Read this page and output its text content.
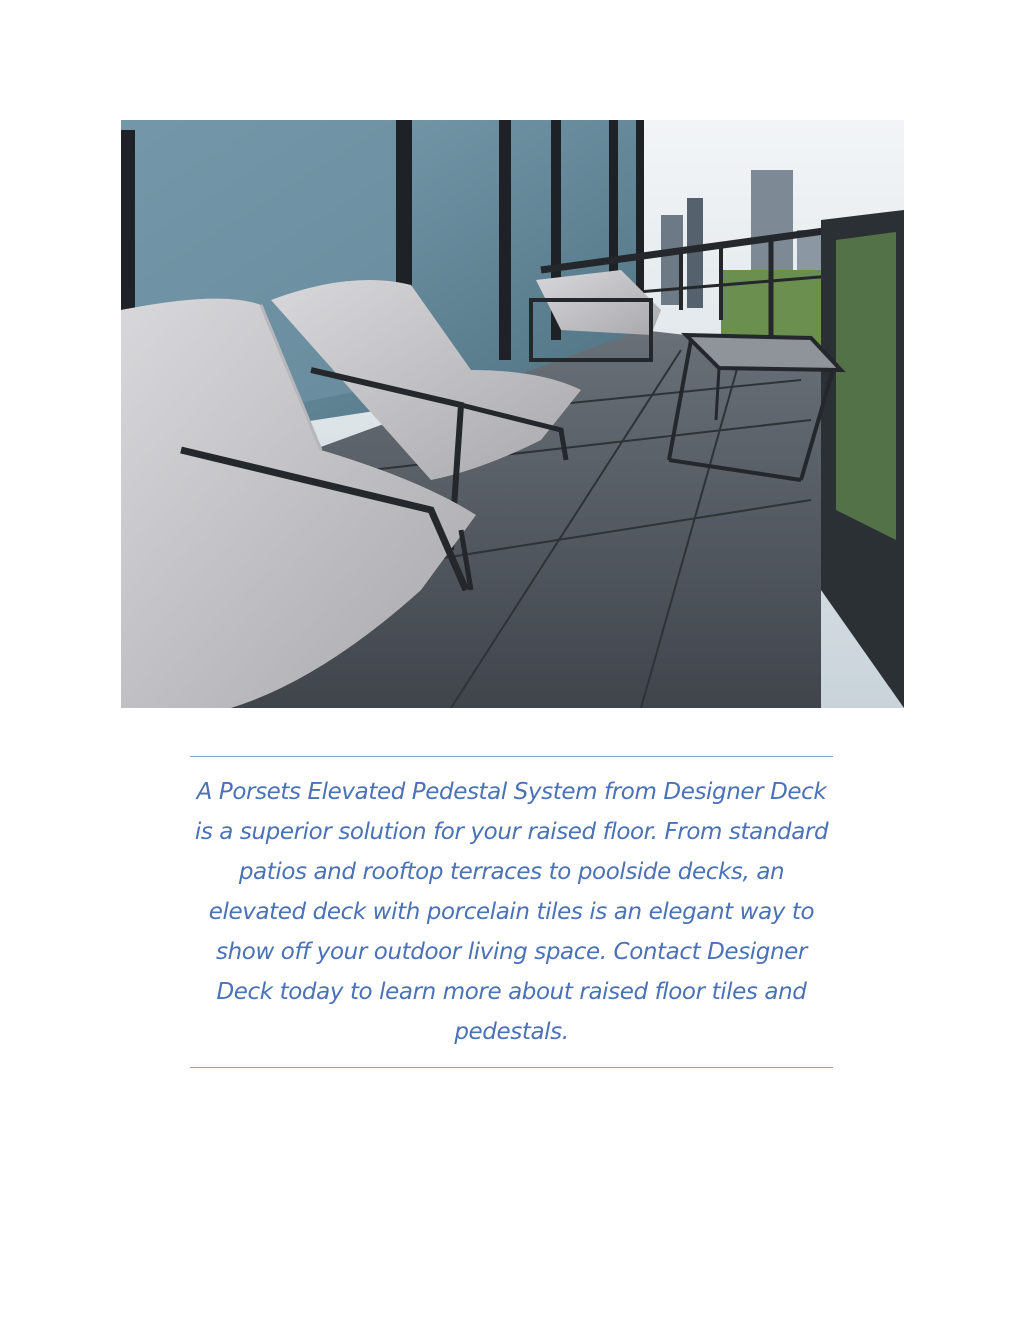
A Porsets Elevated Pedestal System from Designer Deck is a superior solution for your raised floor. From standard patios and rooftop terraces to poolside decks, an elevated deck with porcelain tiles is an elegant way to show off your outdoor living space. Contact Designer Deck today to learn more about raised floor tiles and pedestals.
